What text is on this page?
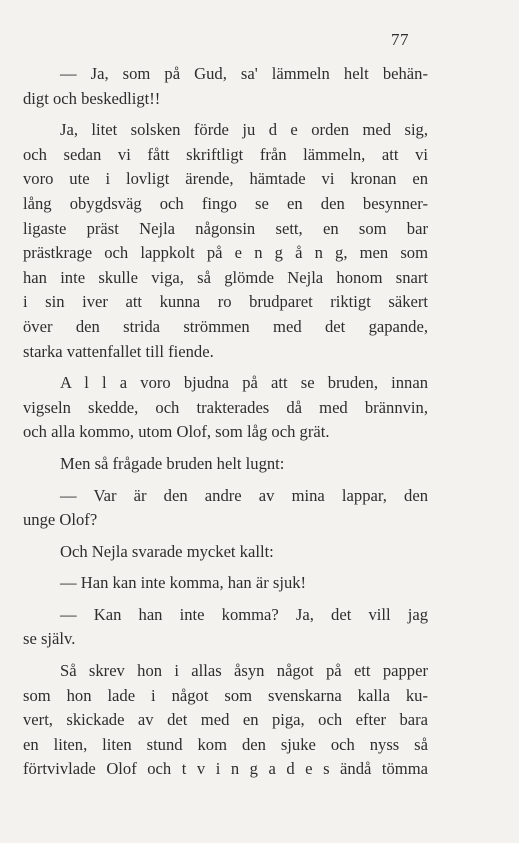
77
— Ja, som på Gud, sa' lämmeln helt behän-
digt och beskedligt!!
Ja, litet solsken förde ju d e orden med sig,
och sedan vi fått skriftligt från lämmeln, att vi
voro ute i lovligt ärende, hämtade vi kronan en
lång obygdsväg och fingo se en den besynner-
ligaste präst Nejla någonsin sett, en som bar
prästkrage och lappkolt på e n g å n g, men som
han inte skulle viga, så glömde Nejla honom snart
i sin iver att kunna ro brudparet riktigt säkert
över den strida strömmen med det gapande,
starka vattenfallet till fiende.
A l l a voro bjudna på att se bruden, innan
vigseln skedde, och trakterades då med brännvin,
och alla kommo, utom Olof, som låg och grät.
Men så frågade bruden helt lugnt:
— Var är den andre av mina lappar, den
unge Olof?
Och Nejla svarade mycket kallt:
— Han kan inte komma, han är sjuk!
— Kan han inte komma? Ja, det vill jag
se själv.
Så skrev hon i allas åsyn något på ett papper
som hon lade i något som svenskarna kalla ku-
vert, skickade av det med en piga, och efter bara
en liten, liten stund kom den sjuke och nyss så
förtvivlade Olof och t v i n g a d e s ändå tömma
